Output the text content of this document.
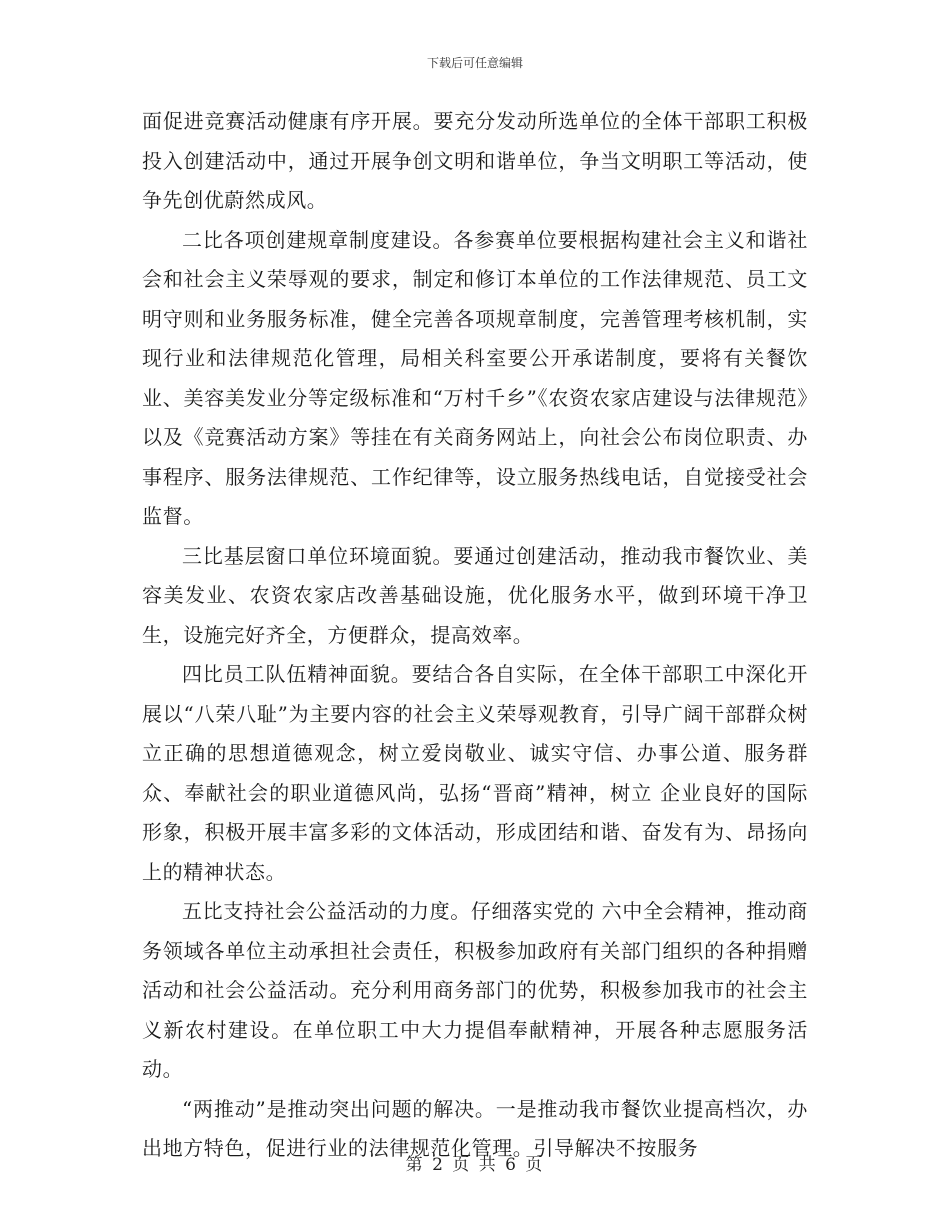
下载后可任意编辑

面促进竞赛活动健康有序开展。要充分发动所选单位的全体干部职工积极投入创建活动中，通过开展争创文明和谐单位，争当文明职工等活动，使争先创优蔚然成风。

二比各项创建规章制度建设。各参赛单位要根据构建社会主义和谐社会和社会主义荣辱观的要求，制定和修订本单位的工作法律规范、员工文明守则和业务服务标准，健全完善各项规章制度，完善管理考核机制，实现行业和法律规范化管理，局相关科室要公开承诺制度，要将有关餐饮业、美容美发业分等定级标准和“万村千乡”《农资农家店建设与法律规范》以及《竞赛活动方案》等挂在有关商务网站上，向社会公布岗位职责、办事程序、服务法律规范、工作纪律等，设立服务热线电话，自觉接受社会监督。

三比基层窗口单位环境面貌。要通过创建活动，推动我市餐饮业、美容美发业、农资农家店改善基础设施，优化服务水平，做到环境干净卫生，设施完好齐全，方便群众，提高效率。

四比员工队伍精神面貌。要结合各自实际，在全体干部职工中深化开展以“八荣八耻”为主要内容的社会主义荣辱观教育，引导广阔干部群众树立正确的思想道德观念，树立爱岗敬业、诚实守信、办事公道、服务群众、奉献社会的职业道德风尚，弘扬“晋商”精神，树立 企业良好的国际形象，积极开展丰富多彩的文体活动，形成团结和谐、奋发有为、昂扬向上的精神状态。

五比支持社会公益活动的力度。仔细落实党的 六中全会精神，推动商务领域各单位主动承担社会责任，积极参加政府有关部门组织的各种捐赠活动和社会公益活动。充分利用商务部门的优势，积极参加我市的社会主义新农村建设。在单位职工中大力提倡奉献精神，开展各种志愿服务活动。

“两推动”是推动突出问题的解决。一是推动我市餐饮业提高档次，办出地方特色，促进行业的法律规范化管理。引导解决不按服务

第 2 页 共 6 页
